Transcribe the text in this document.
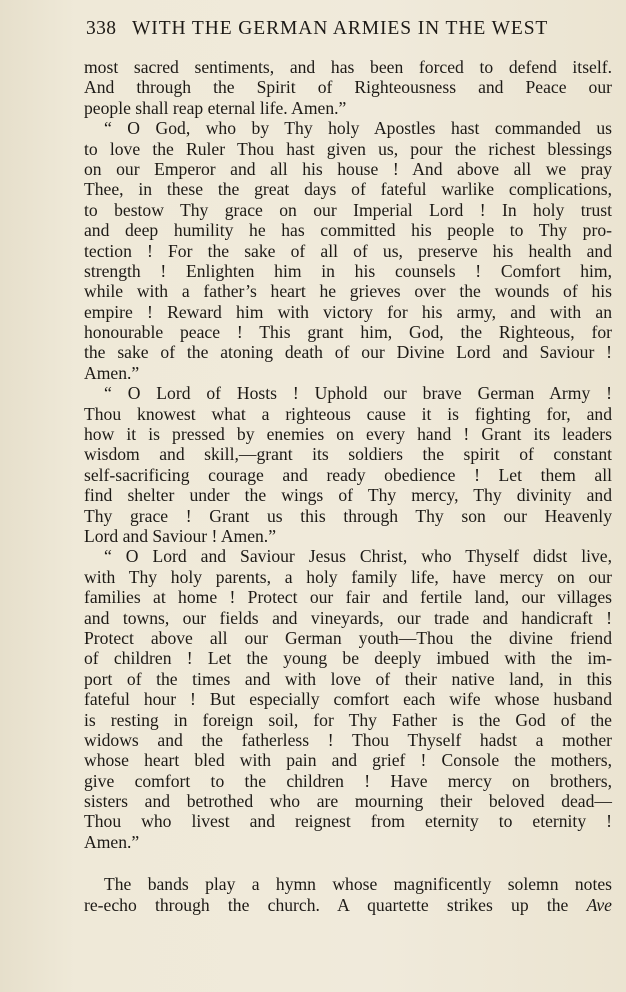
338 WITH THE GERMAN ARMIES IN THE WEST
most sacred sentiments, and has been forced to defend itself.
And through the Spirit of Righteousness and Peace our
people shall reap eternal life. Amen.”
“ O God, who by Thy holy Apostles hast commanded us
to love the Ruler Thou hast given us, pour the richest blessings
on our Emperor and all his house ! And above all we pray
Thee, in these the great days of fateful warlike complications,
to bestow Thy grace on our Imperial Lord ! In holy trust
and deep humility he has committed his people to Thy pro-
tection ! For the sake of all of us, preserve his health and
strength ! Enlighten him in his counsels ! Comfort him,
while with a father’s heart he grieves over the wounds of his
empire ! Reward him with victory for his army, and with an
honourable peace ! This grant him, God, the Righteous, for
the sake of the atoning death of our Divine Lord and Saviour !
Amen.”
“ O Lord of Hosts ! Uphold our brave German Army !
Thou knowest what a righteous cause it is fighting for, and
how it is pressed by enemies on every hand ! Grant its leaders
wisdom and skill,—grant its soldiers the spirit of constant
self-sacrificing courage and ready obedience ! Let them all
find shelter under the wings of Thy mercy, Thy divinity and
Thy grace ! Grant us this through Thy son our Heavenly
Lord and Saviour ! Amen.”
“ O Lord and Saviour Jesus Christ, who Thyself didst live,
with Thy holy parents, a holy family life, have mercy on our
families at home ! Protect our fair and fertile land, our villages
and towns, our fields and vineyards, our trade and handicraft !
Protect above all our German youth—Thou the divine friend
of children ! Let the young be deeply imbued with the im-
port of the times and with love of their native land, in this
fateful hour ! But especially comfort each wife whose husband
is resting in foreign soil, for Thy Father is the God of the
widows and the fatherless ! Thou Thyself hadst a mother
whose heart bled with pain and grief ! Console the mothers,
give comfort to the children ! Have mercy on brothers,
sisters and betrothed who are mourning their beloved dead—
Thou who livest and reignest from eternity to eternity !
Amen.”
The bands play a hymn whose magnificently solemn notes
re-echo through the church. A quartette strikes up the Ave
